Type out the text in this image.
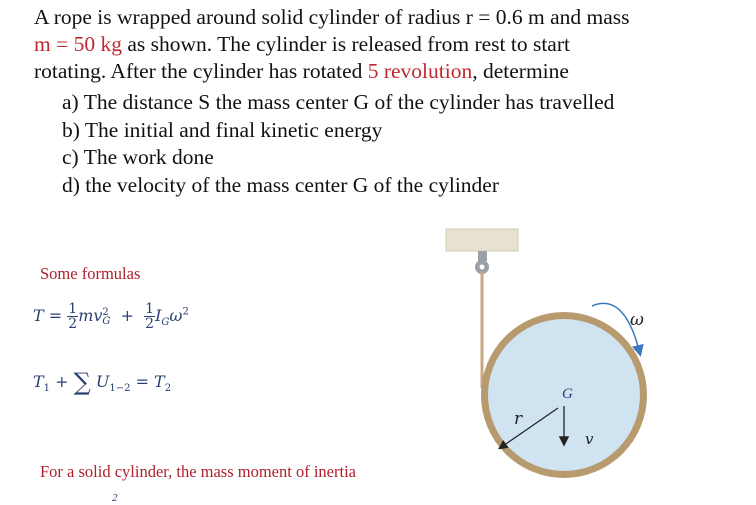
A rope is wrapped around solid cylinder of radius r = 0.6 m and mass
m = 50 kg as shown. The cylinder is released from rest to start
rotating. After the cylinder has rotated 5 revolution, determine
a) The distance S the mass center G of the cylinder has travelled
b) The initial and final kinetic energy
c) The work done
d) the velocity of the mass center G of the cylinder
Some formulas
$T = \frac{1}{2}$ mv 2
$G + \frac{1}{2} I_G\omega^2$
$T_1$ + ∑ $U_{1-2} = T_2$
For a solid cylinder, the mass moment of inertia
2
r
G
v
ω
